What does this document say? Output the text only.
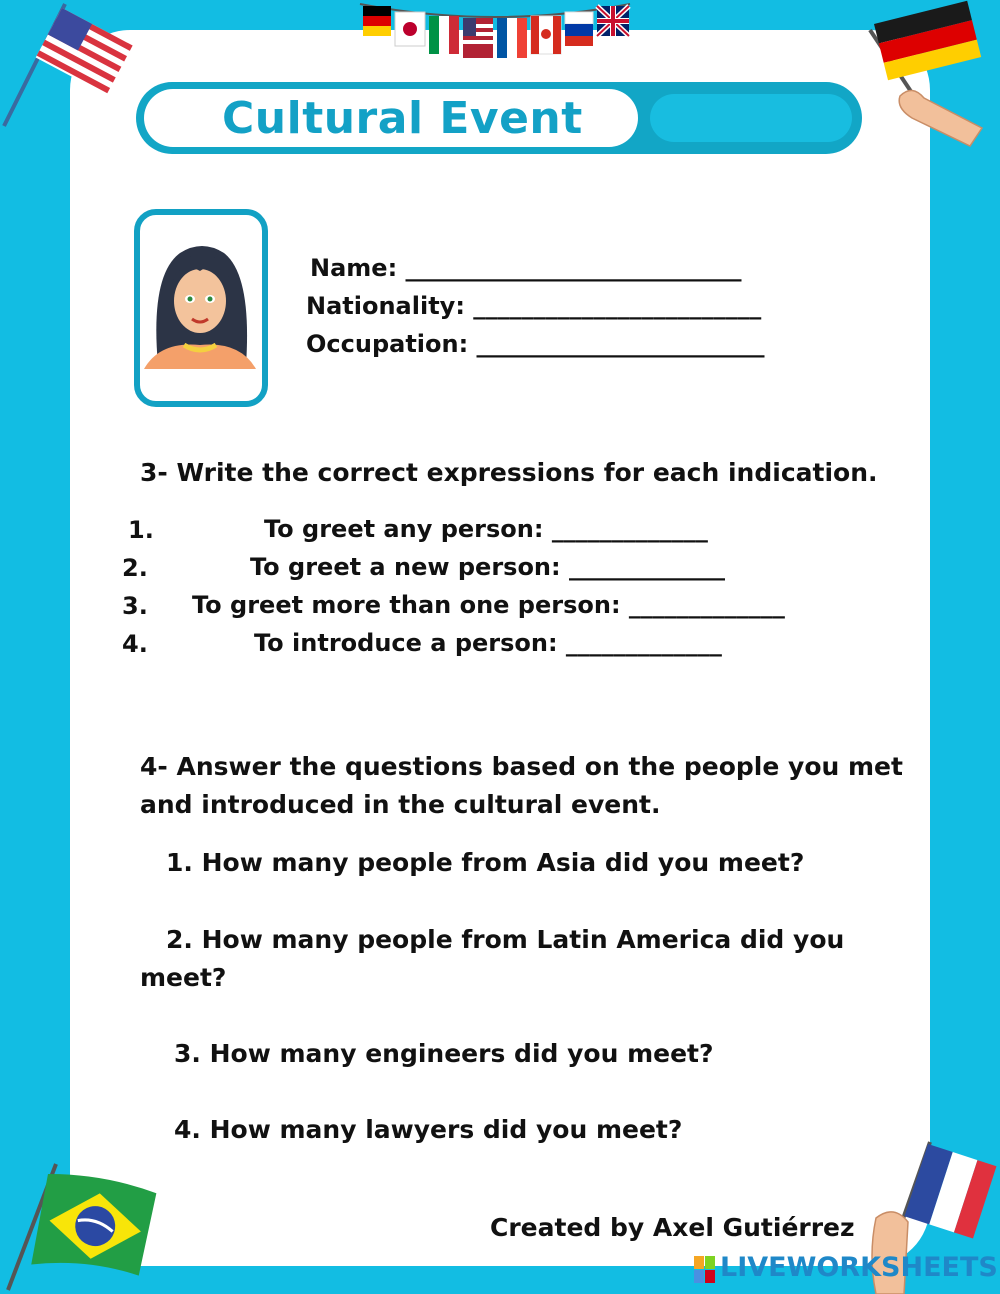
Cultural Event
Name: ____________________________
Nationality: ________________________
Occupation: ________________________
3- Write the correct expressions for each indication.
1.	To greet any person: _____________
2.	To greet a new person: _____________
3. To greet more than one person: _____________
4.	To introduce a person: _____________
4- Answer the questions based on the people you met
and introduced in the cultural event.
1. How many people from Asia did you meet?
2. How many people from Latin America did you
meet?
3. How many engineers did you meet?
4. How many lawyers did you meet?
Created by Axel Gutiérrez
LIVEWORKSHEETS
